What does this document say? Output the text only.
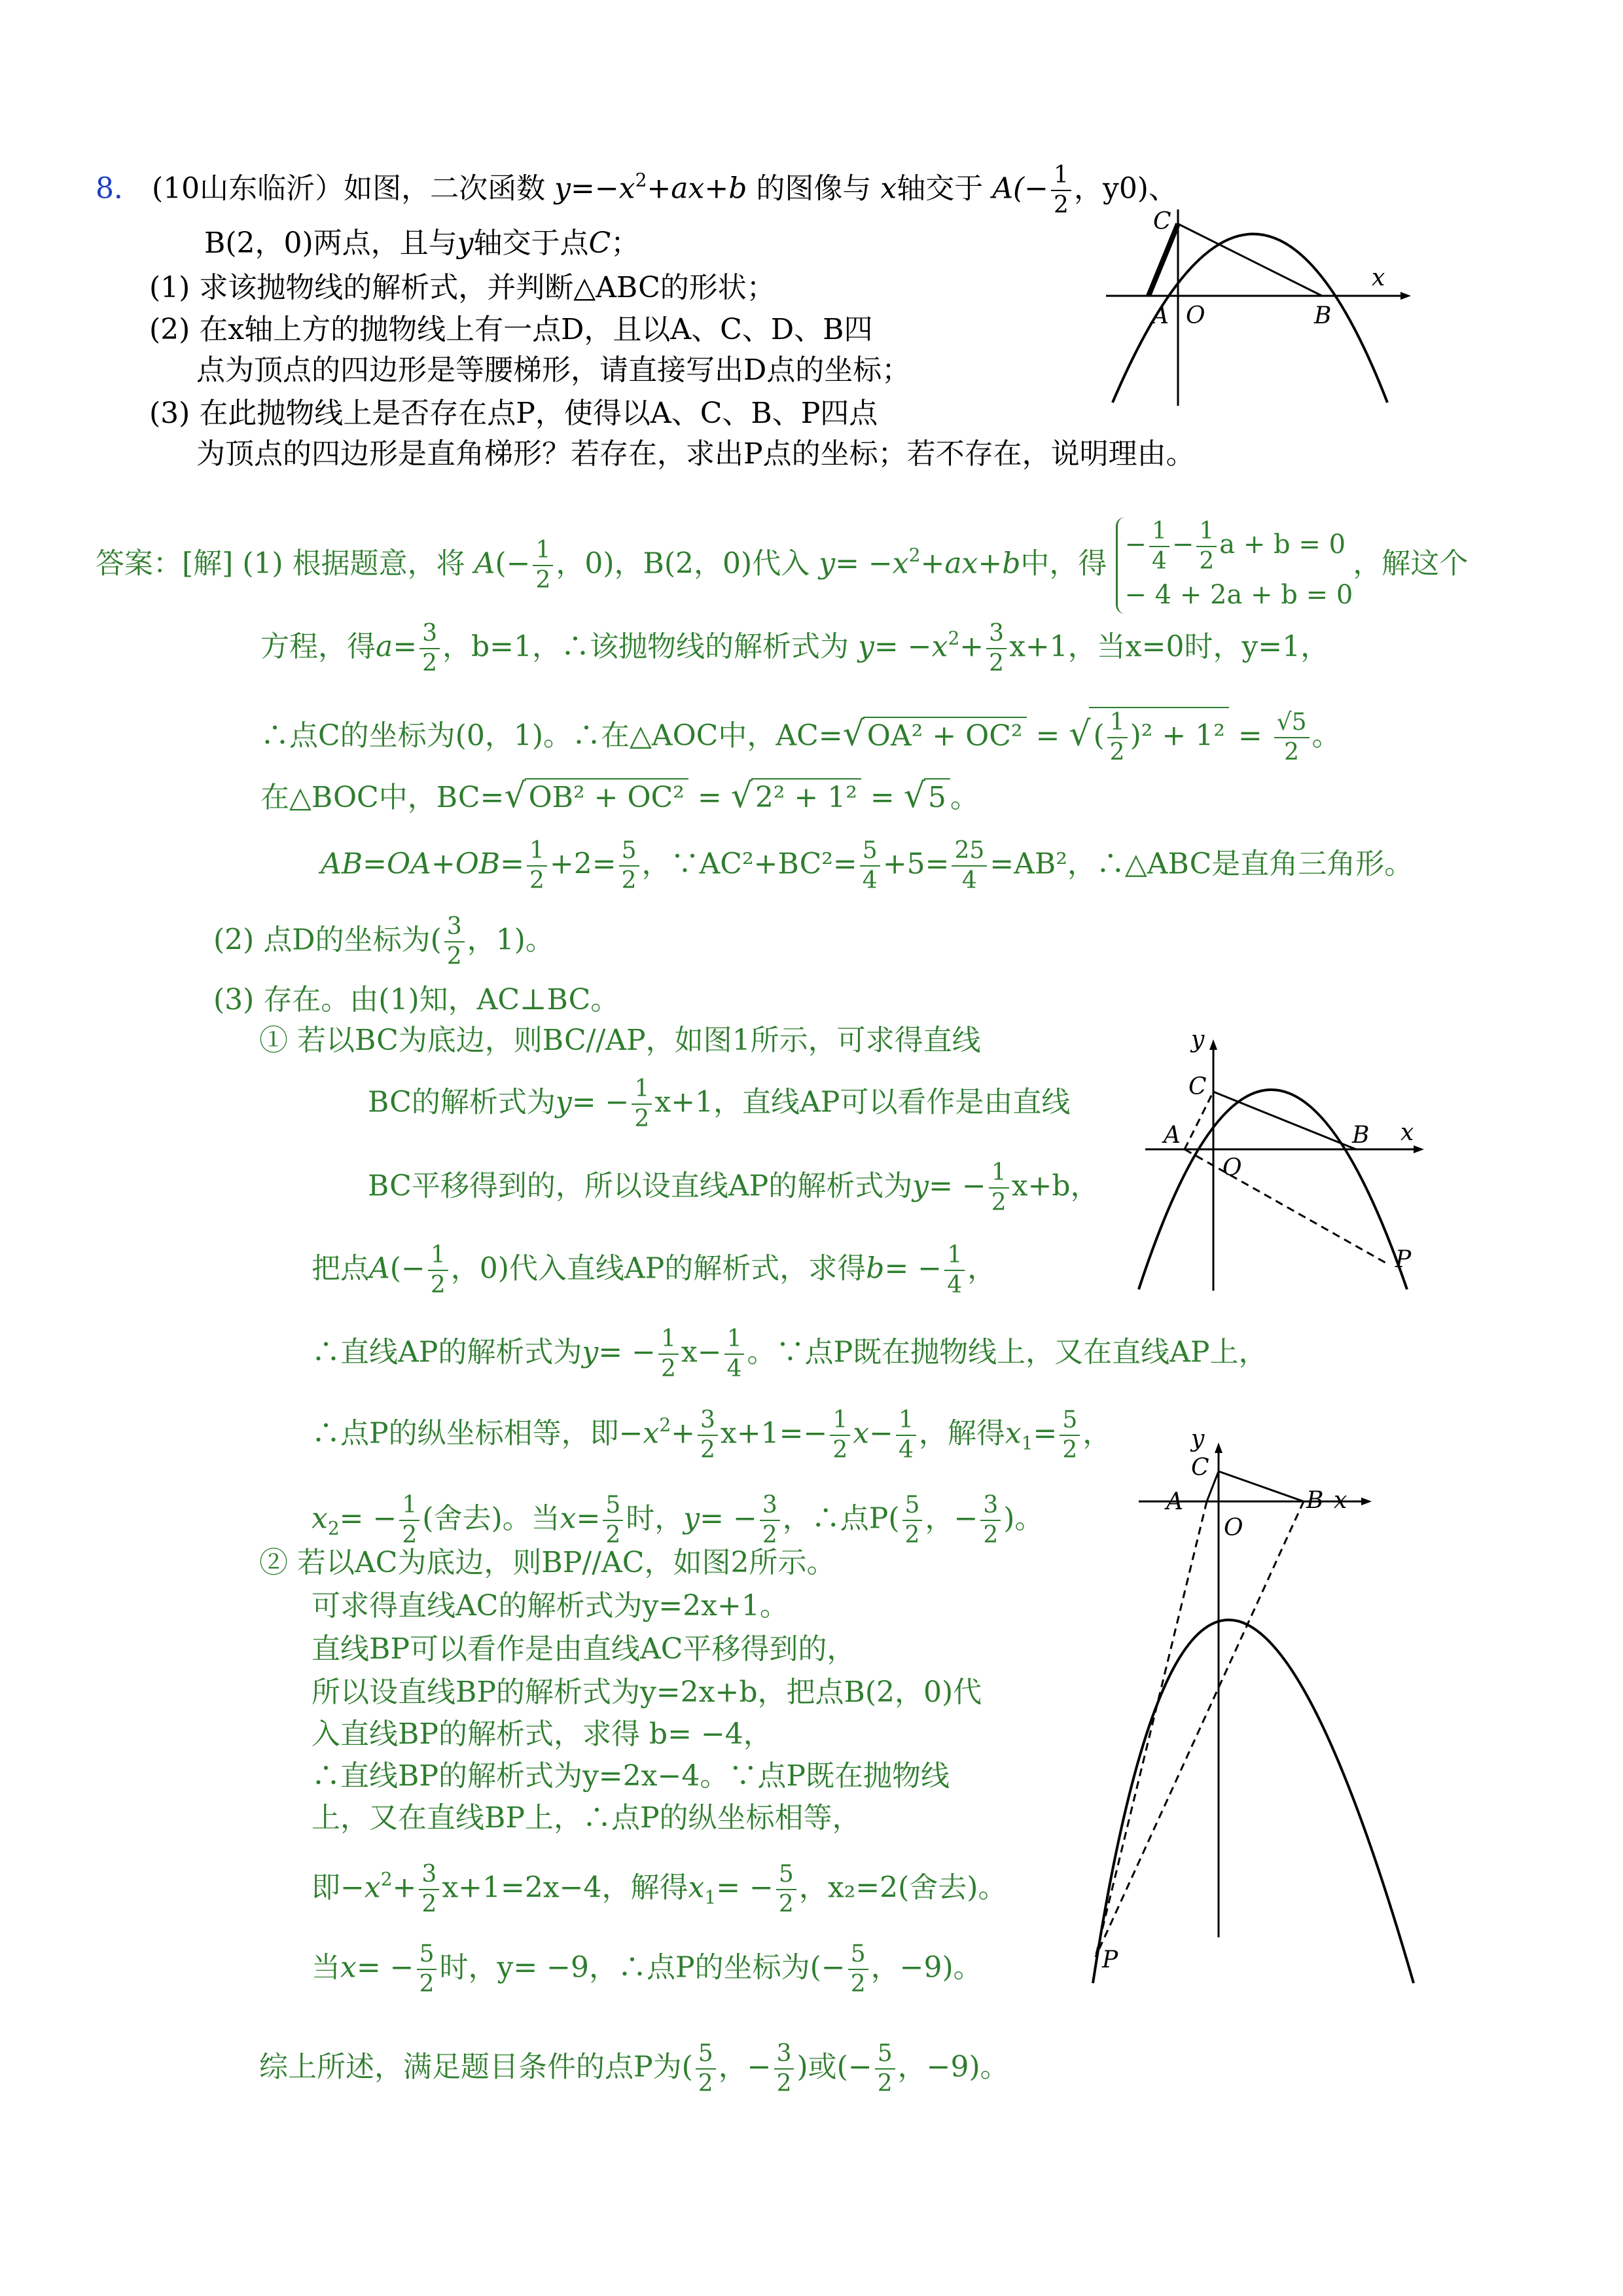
8． (10山东临沂）如图，二次函数 $y=-x^2+ax+b$ 的图像与 x轴交于 $A(- \frac{1}{2}$ ，y0)、
B(2，0)两点，且与y轴交于点C；
(1) 求该抛物线的解析式，并判断△ABC的形状；
(2) 在x轴上方的抛物线上有一点D，且以A、C、D、B四
点为顶点的四边形是等腰梯形，请直接写出D点的坐标；
(3) 在此抛物线上是否存在点P，使得以A、C、B、P四点
为顶点的四边形是直角梯形？若存在，求出P点的坐标；若不存在，说明理由。
A O	B
C
x
答案：[解] (1) 根据题意，将 $A(- \frac{1}{2}$ ，0)，B(2，0)代入 $y= -x^2+ax+b$中，得 − $\frac{1}{4} - \frac{1}{2}$ a + b = 0
− 4 + 2a + b = 0，解这个
方程，得$a= \frac{3}{2}$ ，b=1，∴该抛物线的解析式为 $y= -x^2+ \frac{3}{2} x+1$，当x=0时，y=1，
∴点C的坐标为(0，1)。∴在△AOC中，AC=√OA² + OC² = √( $\frac{1}{2} )^2 + 1^2 = \frac{√5}{2}$ 。
在△BOC中，BC=√OB² + OC² = √2² + 1² = √5 。
$AB=OA+OB= \frac{1}{2} +2= \frac{5}{2}$ ，∵AC²+BC²= $\frac{5}{4} +5= \frac{25}{4} =AB^2$，∴△ABC是直角三角形。
(2) 点D的坐标为( $\frac{3}{2}$ ，1)。
(3) 存在。由(1)知，AC⊥BC。
① 若以BC为底边，则BC//AP，如图1所示，可求得直线
BC的解析式为$y= - \frac{1}{2} x+1$，直线AP可以看作是由直线
BC平移得到的，所以设直线AP的解析式为$y= - \frac{1}{2} x+b$，
把点$A(- \frac{1}{2}$ ，0)代入直线AP的解析式，求得$b= - \frac{1}{4}$ ，
∴直线AP的解析式为$y= - \frac{1}{2} x- \frac{1}{4}$ 。∵点P既在抛物线上，又在直线AP上，
∴点P的纵坐标相等，即$-x^2+ \frac{3}{2} x+1=- \frac{1}{2} x- \frac{1}{4}$ ，解得$x_1= \frac{5}{2}$ ，
$x_2= - \frac{1}{2}$ (舍去)。当$x= \frac{5}{2}$ 时，$y= - \frac{3}{2}$ ，∴点$P( \frac{5}{2}$ ，− $\frac{3}{2}$ )。
② 若以AC为底边，则BP//AC，如图2所示。
可求得直线AC的解析式为y=2x+1。
直线BP可以看作是由直线AC平移得到的，
所以设直线BP的解析式为y=2x+b，把点B(2，0)代
入直线BP的解析式，求得 b= −4，
∴直线BP的解析式为y=2x−4。∵点P既在抛物线
上，又在直线BP上，∴点P的纵坐标相等，
即$-x^2+ \frac{3}{2} x+1=2x-4$，解得$x_1= - \frac{5}{2}$ ，x₂=2(舍去)。
当$x= - \frac{5}{2}$ 时，y= −9，∴点P的坐标为(− $\frac{5}{2}$ ，−9)。
综上所述，满足题目条件的点P为( $\frac{5}{2}$ ，− $\frac{3}{2}$ )或(− $\frac{5}{2}$ ，−9)。
y
C
A
O
B x
P
y
C
A
O
B x
P
